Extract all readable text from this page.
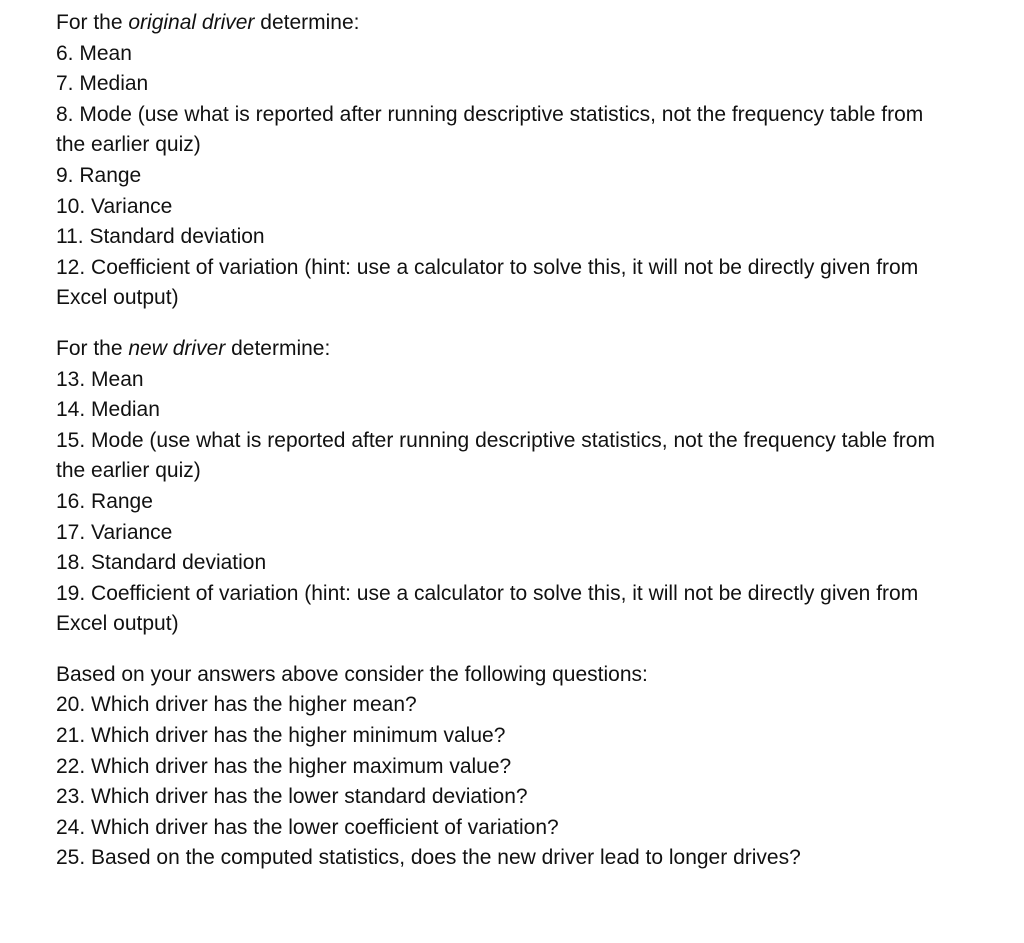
For the original driver determine:
6. Mean
7. Median
8. Mode (use what is reported after running descriptive statistics, not the frequency table from the earlier quiz)
9. Range
10. Variance
11. Standard deviation
12. Coefficient of variation (hint: use a calculator to solve this, it will not be directly given from Excel output)
For the new driver determine:
13. Mean
14. Median
15. Mode (use what is reported after running descriptive statistics, not the frequency table from the earlier quiz)
16. Range
17. Variance
18. Standard deviation
19. Coefficient of variation (hint: use a calculator to solve this, it will not be directly given from Excel output)
Based on your answers above consider the following questions:
20. Which driver has the higher mean?
21. Which driver has the higher minimum value?
22. Which driver has the higher maximum value?
23. Which driver has the lower standard deviation?
24. Which driver has the lower coefficient of variation?
25. Based on the computed statistics, does the new driver lead to longer drives?
